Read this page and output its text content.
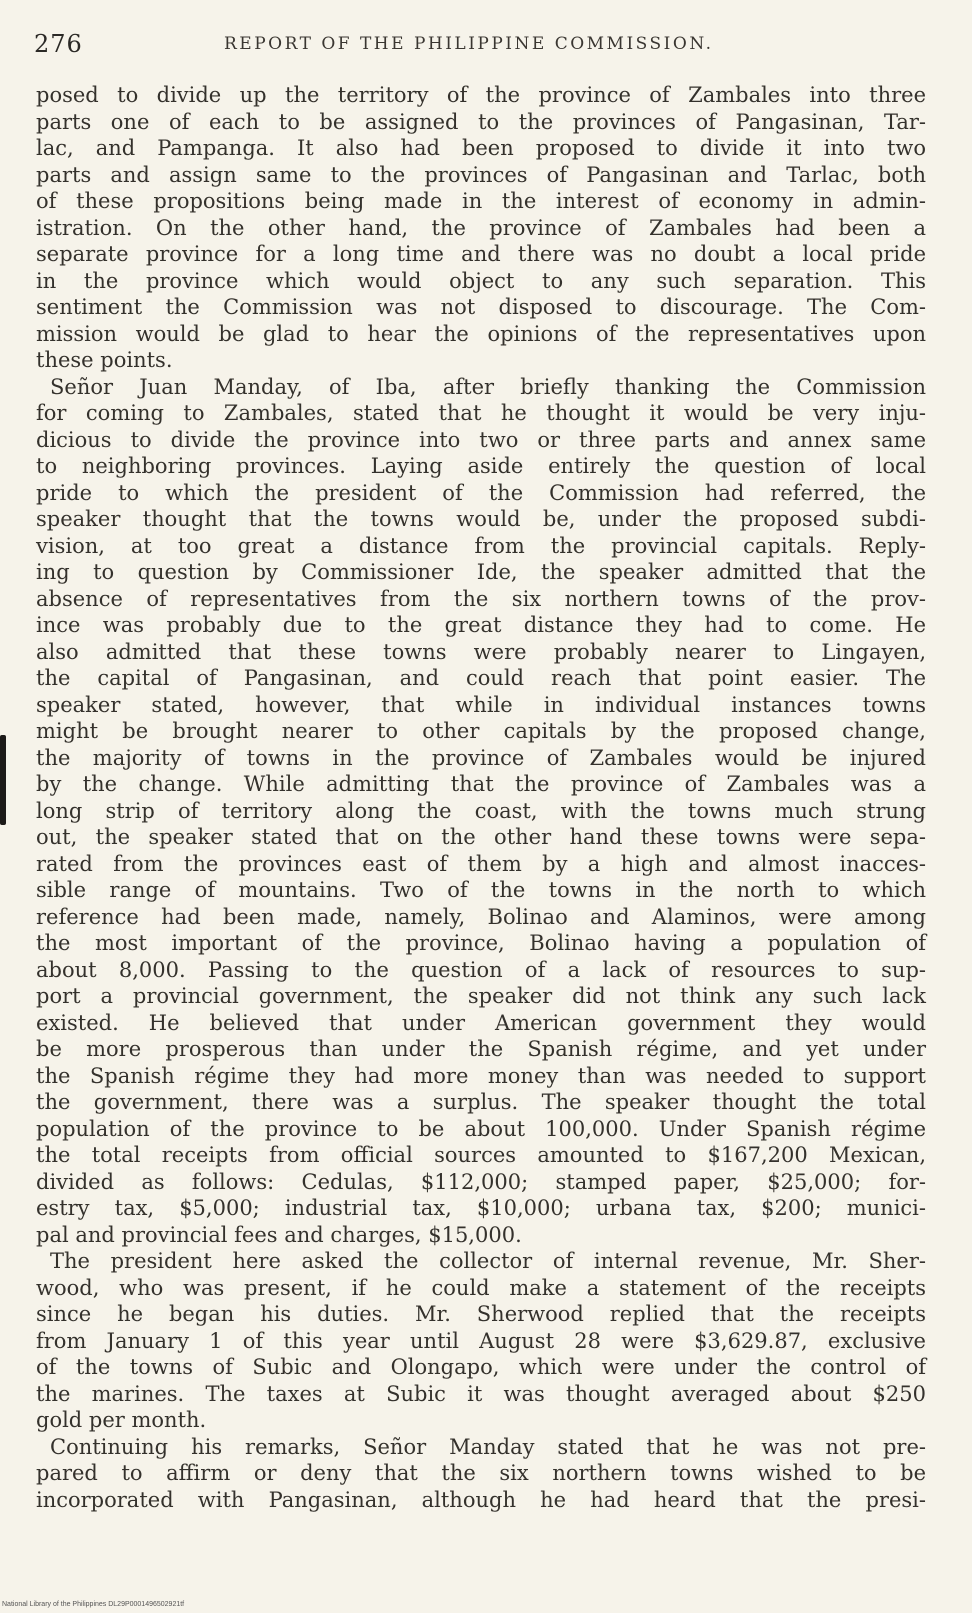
276	REPORT OF THE PHILIPPINE COMMISSION.
posed to divide up the territory of the province of Zambales into three
parts one of each to be assigned to the provinces of Pangasinan, Tar-
lac, and Pampanga. It also had been proposed to divide it into two
parts and assign same to the provinces of Pangasinan and Tarlac, both
of these propositions being made in the interest of economy in admin-
istration. On the other hand, the province of Zambales had been a
separate province for a long time and there was no doubt a local pride
in the province which would object to any such separation. This
sentiment the Commission was not disposed to discourage. The Com-
mission would be glad to hear the opinions of the representatives upon
these points.
Señor Juan Manday, of Iba, after briefly thanking the Commission
for coming to Zambales, stated that he thought it would be very inju-
dicious to divide the province into two or three parts and annex same
to neighboring provinces. Laying aside entirely the question of local
pride to which the president of the Commission had referred, the
speaker thought that the towns would be, under the proposed subdi-
vision, at too great a distance from the provincial capitals. Reply-
ing to question by Commissioner Ide, the speaker admitted that the
absence of representatives from the six northern towns of the prov-
ince was probably due to the great distance they had to come. He
also admitted that these towns were probably nearer to Lingayen,
the capital of Pangasinan, and could reach that point easier. The
speaker stated, however, that while in individual instances towns
might be brought nearer to other capitals by the proposed change,
the majority of towns in the province of Zambales would be injured
by the change. While admitting that the province of Zambales was a
long strip of territory along the coast, with the towns much strung
out, the speaker stated that on the other hand these towns were sepa-
rated from the provinces east of them by a high and almost inacces-
sible range of mountains. Two of the towns in the north to which
reference had been made, namely, Bolinao and Alaminos, were among
the most important of the province, Bolinao having a population of
about 8,000. Passing to the question of a lack of resources to sup-
port a provincial government, the speaker did not think any such lack
existed. He believed that under American government they would
be more prosperous than under the Spanish régime, and yet under
the Spanish régime they had more money than was needed to support
the government, there was a surplus. The speaker thought the total
population of the province to be about 100,000. Under Spanish régime
the total receipts from official sources amounted to $167,200 Mexican,
divided as follows: Cedulas, $112,000; stamped paper, $25,000; for-
estry tax, $5,000; industrial tax, $10,000; urbana tax, $200; munici-
pal and provincial fees and charges, $15,000.
The president here asked the collector of internal revenue, Mr. Sher-
wood, who was present, if he could make a statement of the receipts
since he began his duties. Mr. Sherwood replied that the receipts
from January 1 of this year until August 28 were $3,629.87, exclusive
of the towns of Subic and Olongapo, which were under the control of
the marines. The taxes at Subic it was thought averaged about $250
gold per month.
Continuing his remarks, Señor Manday stated that he was not pre-
pared to affirm or deny that the six northern towns wished to be
incorporated with Pangasinan, although he had heard that the presi-
National Library of the Philippines DL29P0001496502921tf
